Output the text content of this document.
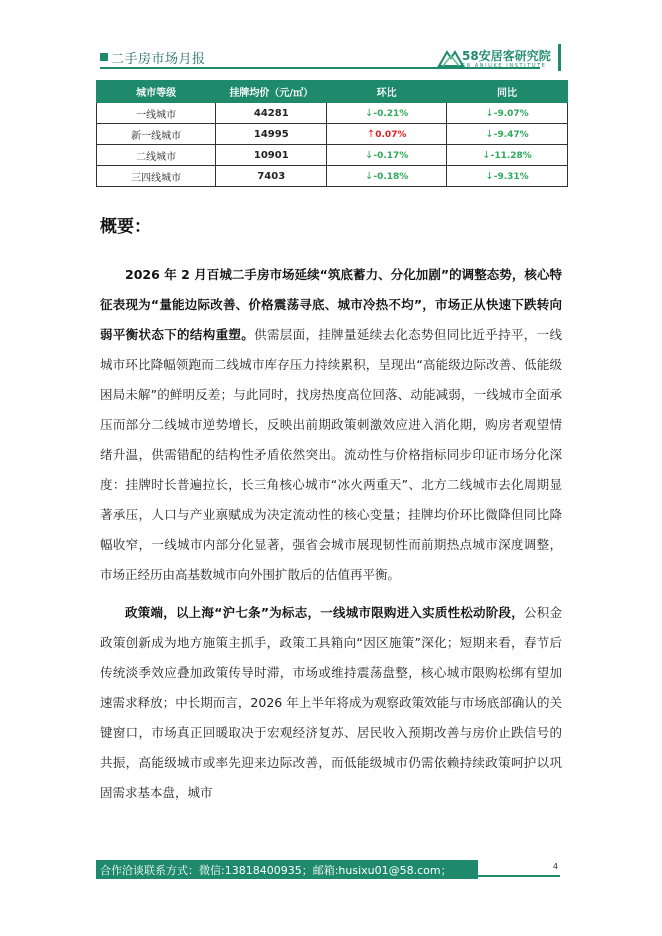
二手房市场月报	58安居客研究院
58 ANJUKE INSTITUTE
城市等级	挂牌均价（元/㎡）	环比	同比
一线城市	44281	↓-0.21%	↓-9.07%
新一线城市	14995	↑0.07%	↓-9.47%
二线城市	10901	↓-0.17%	↓-11.28%
三四线城市	7403	↓-0.18%	↓-9.31%
概要：

2026 年 2 月百城二手房市场延续“筑底蓄力、分化加剧”的调整态势，核心特征表现为“量能边际改善、价格震荡寻底、城市冷热不均”，市场正从快速下跌转向弱平衡状态下的结构重塑。供需层面，挂牌量延续去化态势但同比近乎持平，一线城市环比降幅领跑而二线城市库存压力持续累积，呈现出“高能级边际改善、低能级困局未解”的鲜明反差；与此同时，找房热度高位回落、动能减弱，一线城市全面承压而部分二线城市逆势增长，反映出前期政策刺激效应进入消化期，购房者观望情绪升温，供需错配的结构性矛盾依然突出。流动性与价格指标同步印证市场分化深度：挂牌时长普遍拉长，长三角核心城市“冰火两重天”、北方二线城市去化周期显著承压，人口与产业禀赋成为决定流动性的核心变量；挂牌均价环比微降但同比降幅收窄，一线城市内部分化显著，强省会城市展现韧性而前期热点城市深度调整，市场正经历由高基数城市向外围扩散后的估值再平衡。

政策端，以上海“沪七条”为标志，一线城市限购进入实质性松动阶段，公积金政策创新成为地方施策主抓手，政策工具箱向“因区施策”深化；短期来看，春节后传统淡季效应叠加政策传导时滞，市场或维持震荡盘整，核心城市限购松绑有望加速需求释放；中长期而言，2026 年上半年将成为观察政策效能与市场底部确认的关键窗口，市场真正回暖取决于宏观经济复苏、居民收入预期改善与房价止跌信号的共振，高能级城市或率先迎来边际改善，而低能级城市仍需依赖持续政策呵护以巩固需求基本盘，城市

合作洽谈联系方式：微信:13818400935；邮箱:husixu01@58.com；	4
